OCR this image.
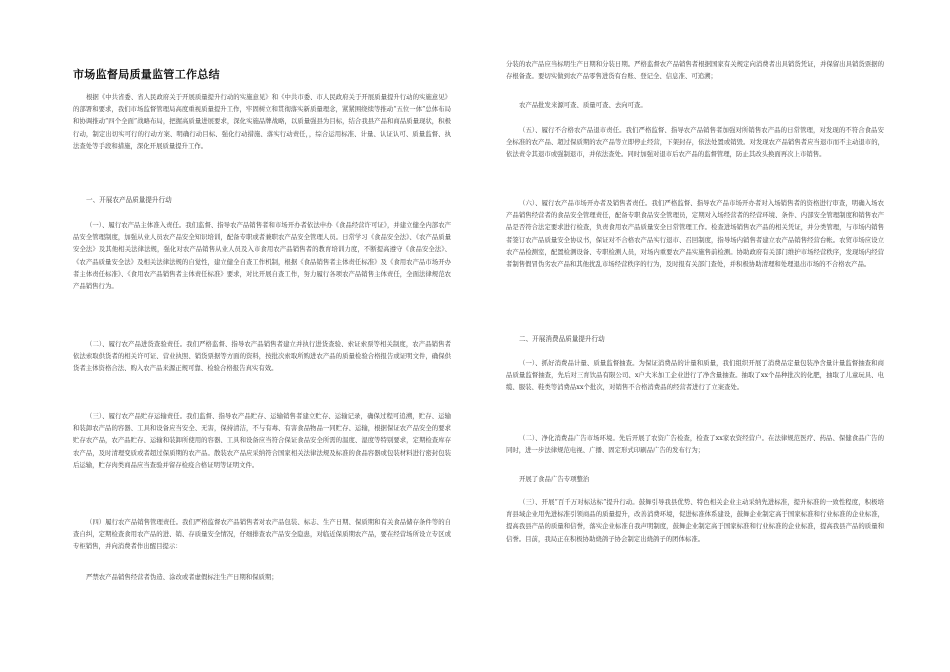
市场监督局质量监管工作总结

根据《中共省委、省人民政府关于开展质量提升行动的实施意见》和《中共市委、市人民政府关于开展质量提升行动的实施意见》的部署和要求，我们市场监督管理局高度重视质量提升工作，牢固树立和贯彻落实新质量理念，紧紧围绕续等推动“五位一体”总体布局和协调推动“四个全面”战略布局，把握高质量进展要求，深化实施品牌战略，以质量强县为目标，结合我县产品和商品质量现状，积极行动，制定出切实可行的行动方案、明确行动目标、强化行动措施、落实行动责任，，综合运用标准、计量、认证认可、质量监督、执法查处等手段和措施，深化开展质量提升工作。

一、开展农产品质量提升行动

（一）、履行农产品主体准入责任。我们监督、指导农产品销售者和市场开办者依法申办《食品经营许可证》，并建立健全内部农产品安全管理制度，加强从业人员农产品安全知识培训，配备专职或者兼职农产品安全管理人员。日常学习《食品安全法》、《农产品质量安全法》及其他相关法律法规，强化对农产品销售从业人员及入市食用农产品销售者的教育培训力度，不断提高遵守《食品安全法》、《农产品质量安全法》及相关法律法规的自觉性，建立健全自查工作机制，根据《食品销售者主体责任标准》及《食用农产品市场开办者主体责任标准》、《食用农产品销售者主体责任标准》要求，对比开展自查工作，努力履行各项农产品销售主体责任，全面法律规范农产品销售行为。

（二）、履行农产品进货查验责任。我们严格监督、指导农产品销售者建立并执行进货查验、索证索票等相关制度，农产品销售者依法索取供货者的相关许可证、营业执照、销货票据等方面的资料，按批次索取所购进农产品的质量检验合格报告或证明文件，确保供货者主体资格合法、购入农产品来源正规可靠、检验合格报告真实有效。

（三）、履行农产品贮存运输责任。我们监督、指导农产品贮存、运输销售者建立贮存、运输记录，确保过程可追溯，贮存、运输和装卸农产品的容器、工具和设备应当安全、无害，保持清洁，不与有毒、有害食品物品一同贮存、运输，根据保证农产品安全的要求贮存农产品，农产品贮存、运输和装卸所使用的容器、工具和设备应当符合保证食品安全所需的温度、湿度等特别要求，定期检查库存农产品，及时清理变质或者超过保质期的农产品。散装农产品应采纳符合国家相关法律法规及标准的食品容器或包装材料进行密封包装后运输，贮存肉类商品应当查验并留存检疫合格证明等证明文件。

（四）履行农产品销售管理责任。我们严格监督农产品销售者对农产品包装、标志、生产日期、保质期和有关食品储存条件等的自查自纠，定期检查食用农产品的进、销、存质量安全情况，仔细排查农产品安全隐患，对临近保质期农产品，要在经营场所设立专区或专柜销售，并向消费者作出醒目提示：

严禁农产品销售经营者伪造、涂改或者虚假标注生产日期和保质期；

分装的农产品应当标明生产日期和分装日期。严格监督农产品销售者根据国家有关规定向消费者出具销货凭证，并保留出具销货票据的存根备查。要切实做到农产品零售进货有台账、登记全、信息准、可追溯；

农产品批发来源可查、质量可查、去向可查。

（五）、履行不合格农产品退市责任。我们严格监督、指导农产品销售者加强对所销售农产品的日常管理，对发现的不符合食品安全标准的农产品、超过保质期的农产品等立即停止经营，下架封存，依法处置或销毁。对发现农产品销售者应当退市而不主动退市的，依法责令其退市或强制退市，并依法查处。同时加强对退市后农产品的监督管理，防止其改头换面再次上市销售。

（六）、履行农产品市场开办者及销售者责任。我们严格监督、指导农产品市场开办者对入场销售者的资格进行审查，明确入场农产品销售经营者的食品安全管理责任，配备专职食品安全管理员，定期对入场经营者的经营环境、条件、内部安全管理制度和销售农产品是否符合法定要求进行检查，负责食用农产品质量安全日常管理工作。检查进场销售农产品的相关凭证，并分类管理，与市场内销售者签订农产品质量安全协议书，保证对不合格农产品实行退市、召回制度，指导场内销售者建立农产品销售经营台帐。农贸市场应设立农产品检测室，配置检测设备、专职检测人员，对场内重要农产品实施售前检测。协助政府有关部门维护市场经营秩序，发现场内经营者制售假冒伪劣农产品和其他扰乱市场经营秩序的行为，及时报有关部门查处，并积极协助清理和处理退出市场的不合格农产品。

二、开展消费品质量提升行动

（一）、抓好消费品计量、质量监督抽查。为保证消费品的计量和质量，我们组织开展了消费品定量包装净含量计量监督抽查和商品质量监督抽查，先后对三育饮品有限公司、x户大米加工企业进行了净含量抽查。抽取了xx个品种批次的化肥，抽取了儿童玩具、电缆、服装、鞋类等消费品xx个批次，对销售不合格消费品的经营者进行了立案查处。

（二）、净化消费品广告市场环境。先后开展了农资广告检查，检查了xx家农资经营户。在法律规范医疗、药品、保健食品广告的同时，进一步法律规范电视、广播、固定形式印刷品广告的发布行为；

开展了食品广告专项整治

（三）、开展“百千万对标达标”提升行动。鼓舞引导我县优势、特色相关企业主动采纳先进标准，提升标准的一致性程度，积极培育县域企业用先进标准引领商品的质量提升，改善消费环境，促进标准体系建设，鼓舞企业制定高于国家标准和行业标准的企业标准，提高我县产品的质量和信誉，落实企业标准自我声明制度，鼓舞企业制定高于国家标准和行业标准的企业标准，提高我县产品的质量和信誉。目前，我局正在积极协助烧鸽子协会制定出烧鸽子的团体标准。
